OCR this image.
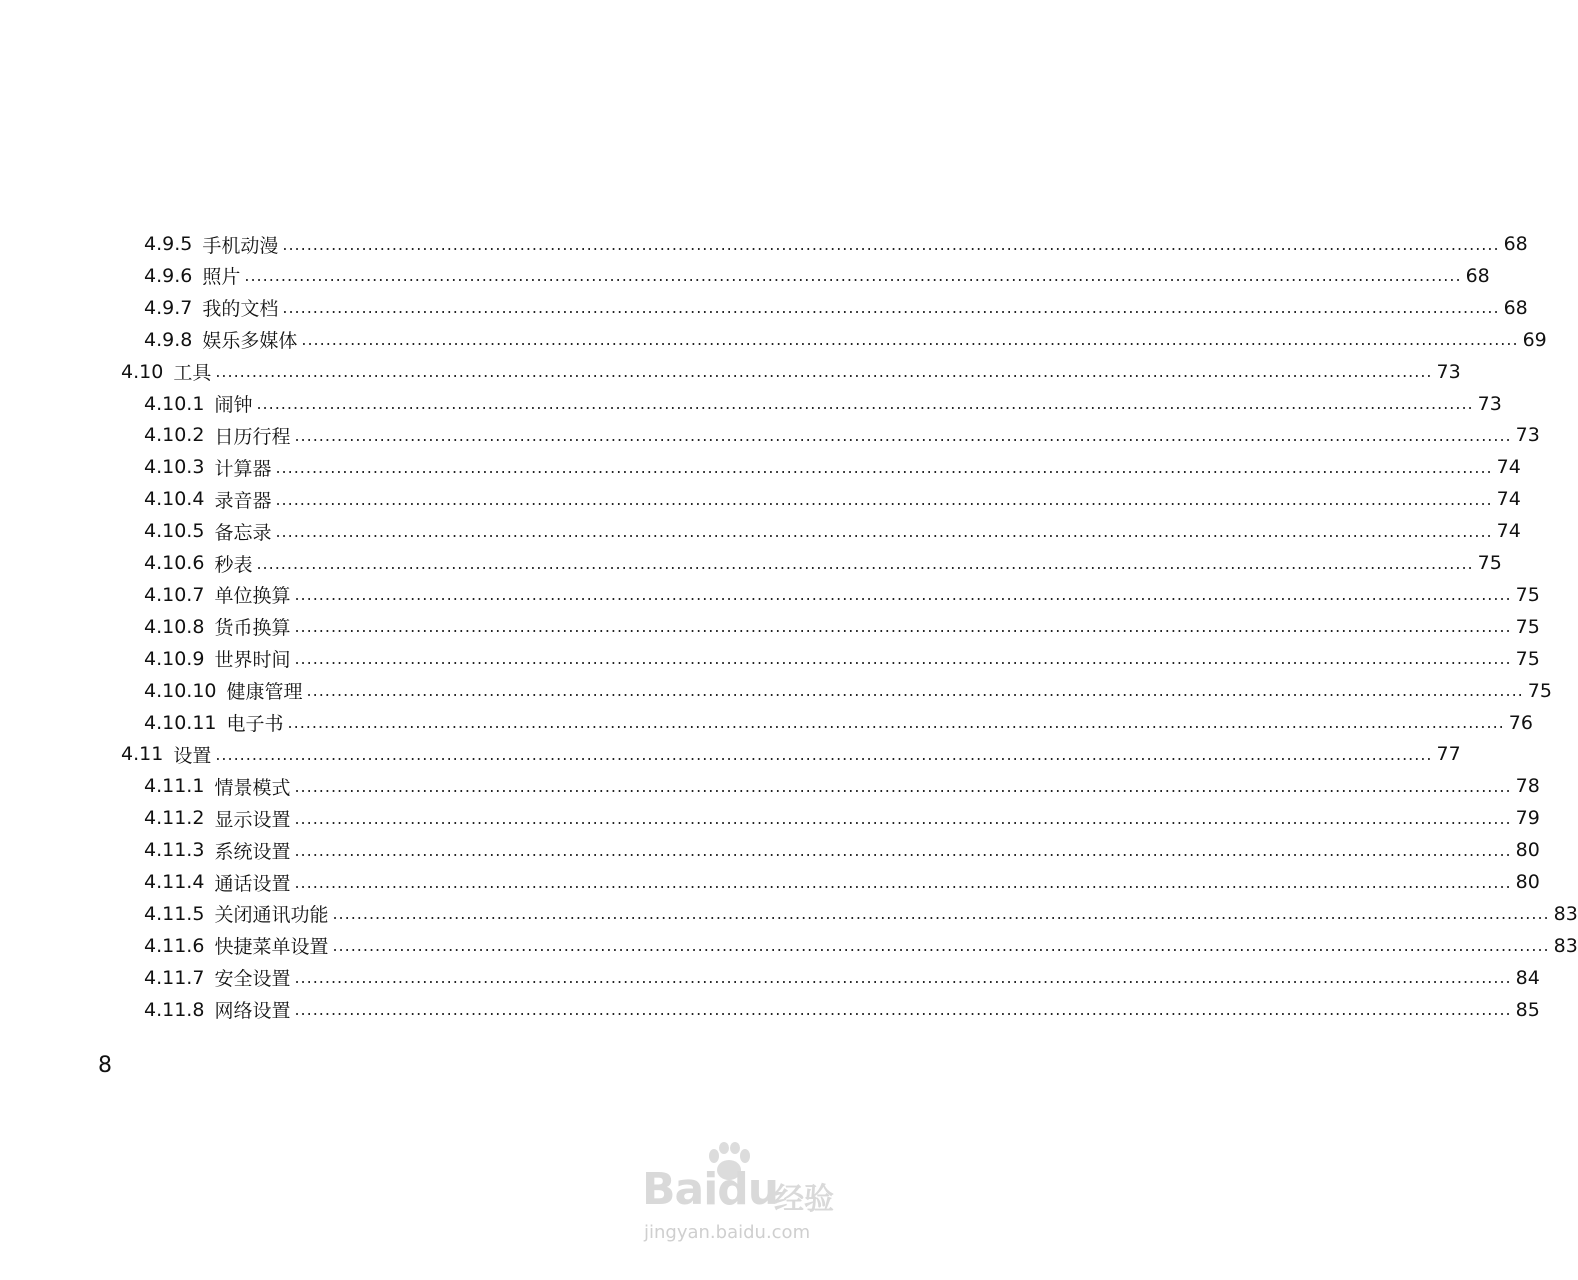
4.9.5 手机动漫 ........................................................................................................................................................................................................ 68
4.9.6 照片 ........................................................................................................................................................................................................ 68
4.9.7 我的文档 ........................................................................................................................................................................................................ 68
4.9.8 娱乐多媒体 ........................................................................................................................................................................................................ 69
4.10 工具 ........................................................................................................................................................................................................ 73
4.10.1 闹钟 ........................................................................................................................................................................................................ 73
4.10.2 日历行程 ........................................................................................................................................................................................................ 73
4.10.3 计算器 ........................................................................................................................................................................................................ 74
4.10.4 录音器 ........................................................................................................................................................................................................ 74
4.10.5 备忘录 ........................................................................................................................................................................................................ 74
4.10.6 秒表 ........................................................................................................................................................................................................ 75
4.10.7 单位换算 ........................................................................................................................................................................................................ 75
4.10.8 货币换算 ........................................................................................................................................................................................................ 75
4.10.9 世界时间 ........................................................................................................................................................................................................ 75
4.10.10 健康管理 ........................................................................................................................................................................................................ 75
4.10.11 电子书 ........................................................................................................................................................................................................ 76
4.11 设置 ........................................................................................................................................................................................................ 77
4.11.1 情景模式 ........................................................................................................................................................................................................ 78
4.11.2 显示设置 ........................................................................................................................................................................................................ 79
4.11.3 系统设置 ........................................................................................................................................................................................................ 80
4.11.4 通话设置 ........................................................................................................................................................................................................ 80
4.11.5 关闭通讯功能 ........................................................................................................................................................................................................ 83
4.11.6 快捷菜单设置 ........................................................................................................................................................................................................ 83
4.11.7 安全设置 ........................................................................................................................................................................................................ 84
4.11.8 网络设置 ........................................................................................................................................................................................................ 85
8
Baidu
经验
jingyan.baidu.com
